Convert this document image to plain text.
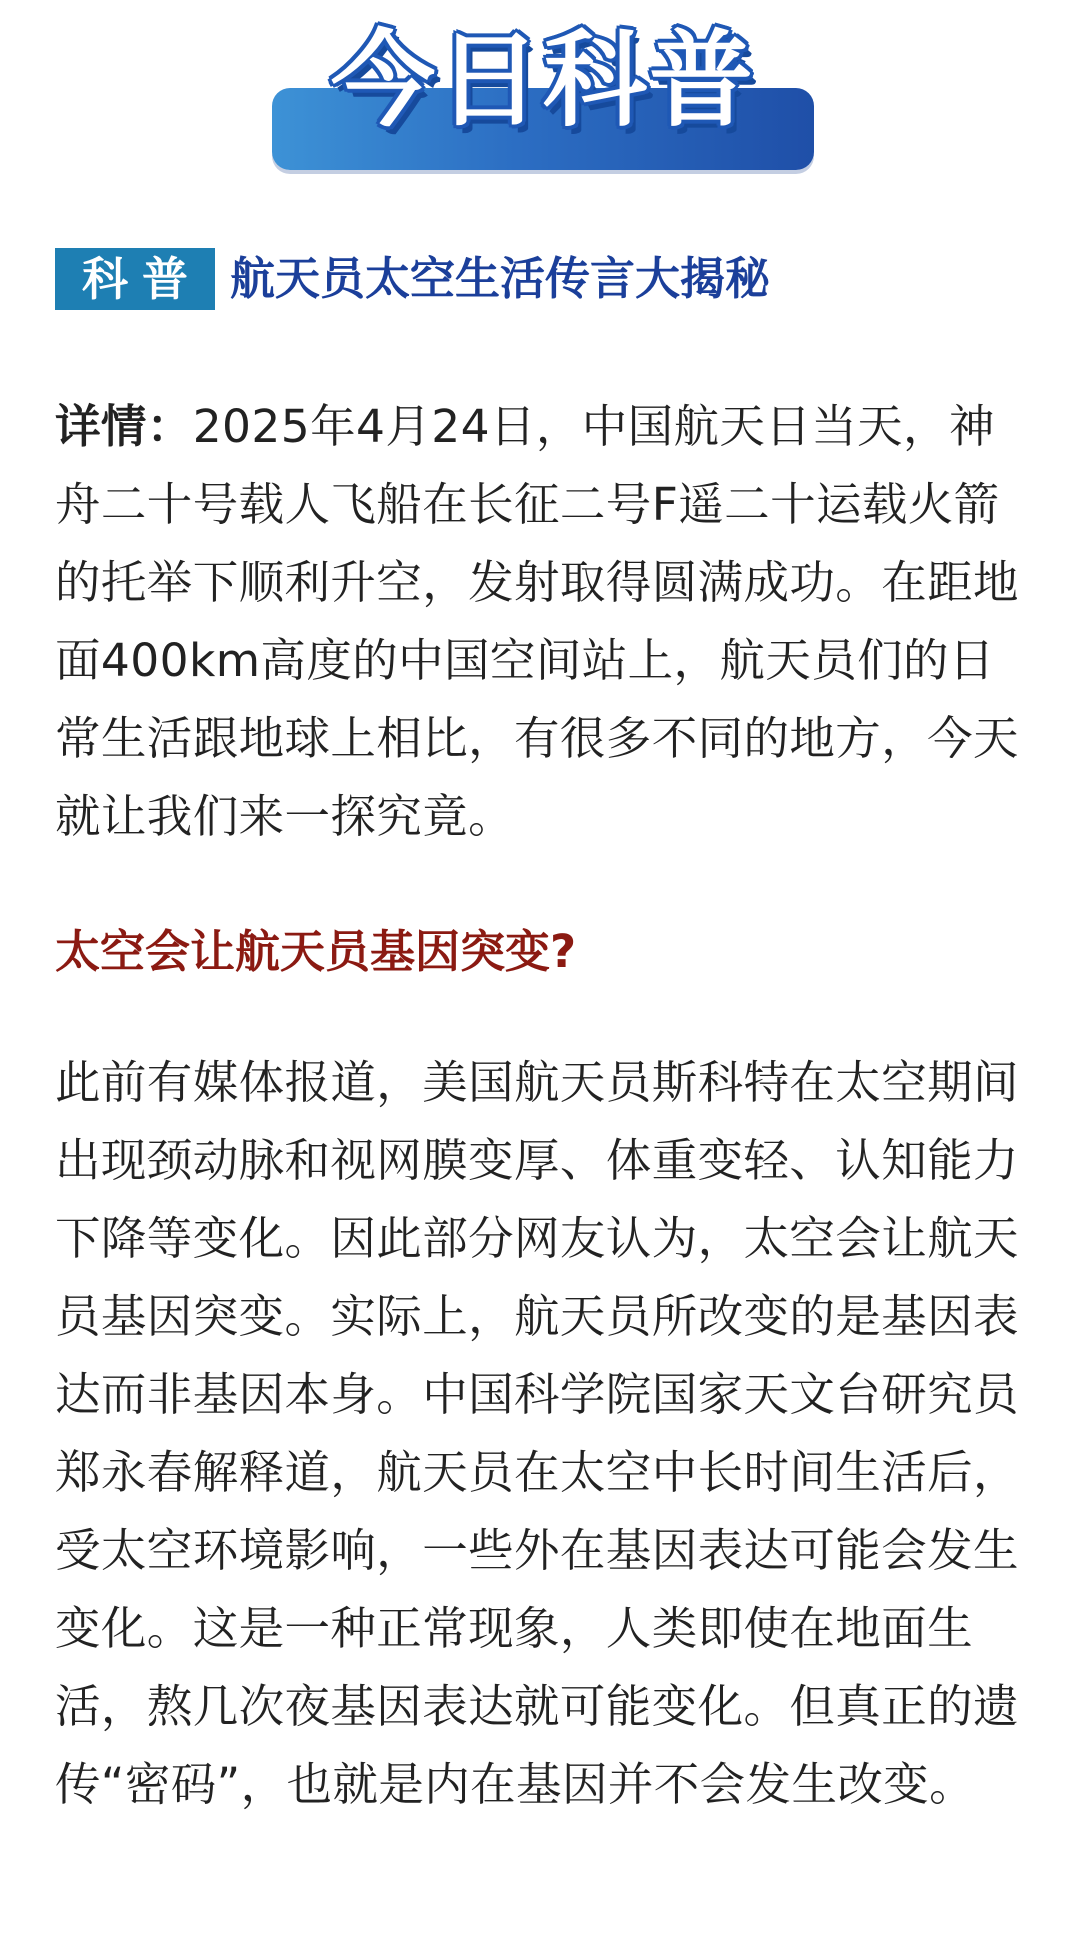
今日科普
科普 航天员太空生活传言大揭秘

详情：2025年4月24日，中国航天日当天，神舟二十号载人飞船在长征二号F遥二十运载火箭的托举下顺利升空，发射取得圆满成功。在距地面400km高度的中国空间站上，航天员们的日常生活跟地球上相比，有很多不同的地方，今天就让我们来一探究竟。

太空会让航天员基因突变?

此前有媒体报道，美国航天员斯科特在太空期间出现颈动脉和视网膜变厚、体重变轻、认知能力下降等变化。因此部分网友认为，太空会让航天员基因突变。实际上，航天员所改变的是基因表达而非基因本身。中国科学院国家天文台研究员郑永春解释道，航天员在太空中长时间生活后，受太空环境影响，一些外在基因表达可能会发生变化。这是一种正常现象，人类即使在地面生活，熬几次夜基因表达就可能变化。但真正的遗传“密码”，也就是内在基因并不会发生改变。
